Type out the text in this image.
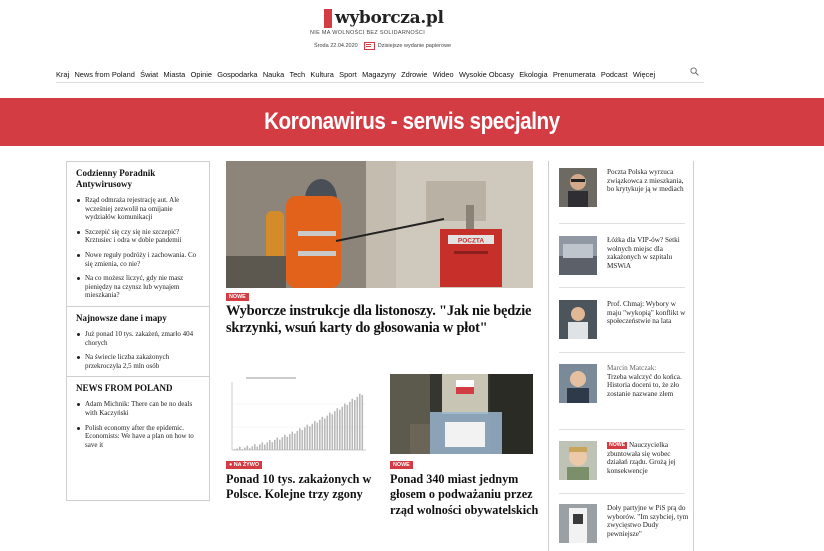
wyborcza.pl
NIE MA WOLNOŚCI BEZ SOLIDARNOŚCI
Środa 22.04.2020	Dzisiejsze wydanie papierowe
Kraj News from Poland Świat Miasta Opinie Gospodarka Nauka Tech Kultura Sport Magazyny Zdrowie Wideo Wysokie Obcasy Ekologia Prenumerata Podcast Więcej
Koronawirus - serwis specjalny
Codzienny Poradnik Antywirusowy
Rząd odmraża rejestrację aut. Ale wcześniej zezwolił na omijanie wydziałów komunikacji
Szczepić się czy się nie szczepić? Krztusiec i odra w dobie pandemii
Nowe reguły podróży i zachowania. Co się zmienia, co nie?
Na co możesz liczyć, gdy nie masz pieniędzy na czynsz lub wynajem mieszkania?
Najnowsze dane i mapy
Już ponad 10 tys. zakażeń, zmarło 404 chorych
Na świecie liczba zakażonych przekroczyła 2,5 mln osób
NEWS FROM POLAND
Adam Michnik: There can be no deals with Kaczyński
Polish economy after the epidemic. Economists: We have a plan on how to save it
POCZTA
NOWE
Wyborcze instrukcje dla listonoszy. "Jak nie będzie skrzynki, wsuń karty do głosowania w płot"
● NA ŻYWO
Ponad 10 tys. zakażonych w Polsce. Kolejne trzy zgony
NOWE
Ponad 340 miast jednym głosem o podważaniu przez rząd wolności obywatelskich
Poczta Polska wyrzuca związkowca z mieszkania, bo krytykuje ją w mediach
Łóżka dla VIP-ów? Setki wolnych miejsc dla zakażonych w szpitalu MSWiA
Prof. Chmaj: Wybory w maju "wykopią" konflikt w społeczeństwie na lata
Marcin Matczak:
Trzeba walczyć do końca. Historia doceni to, że zło zostanie nazwane złem
NOWE Nauczycielka zbuntowała się wobec działań rządu. Grożą jej konsekwencje
Doły partyjne w PiS prą do wyborów. "Im szybciej, tym zwycięstwo Dudy pewniejsze"
